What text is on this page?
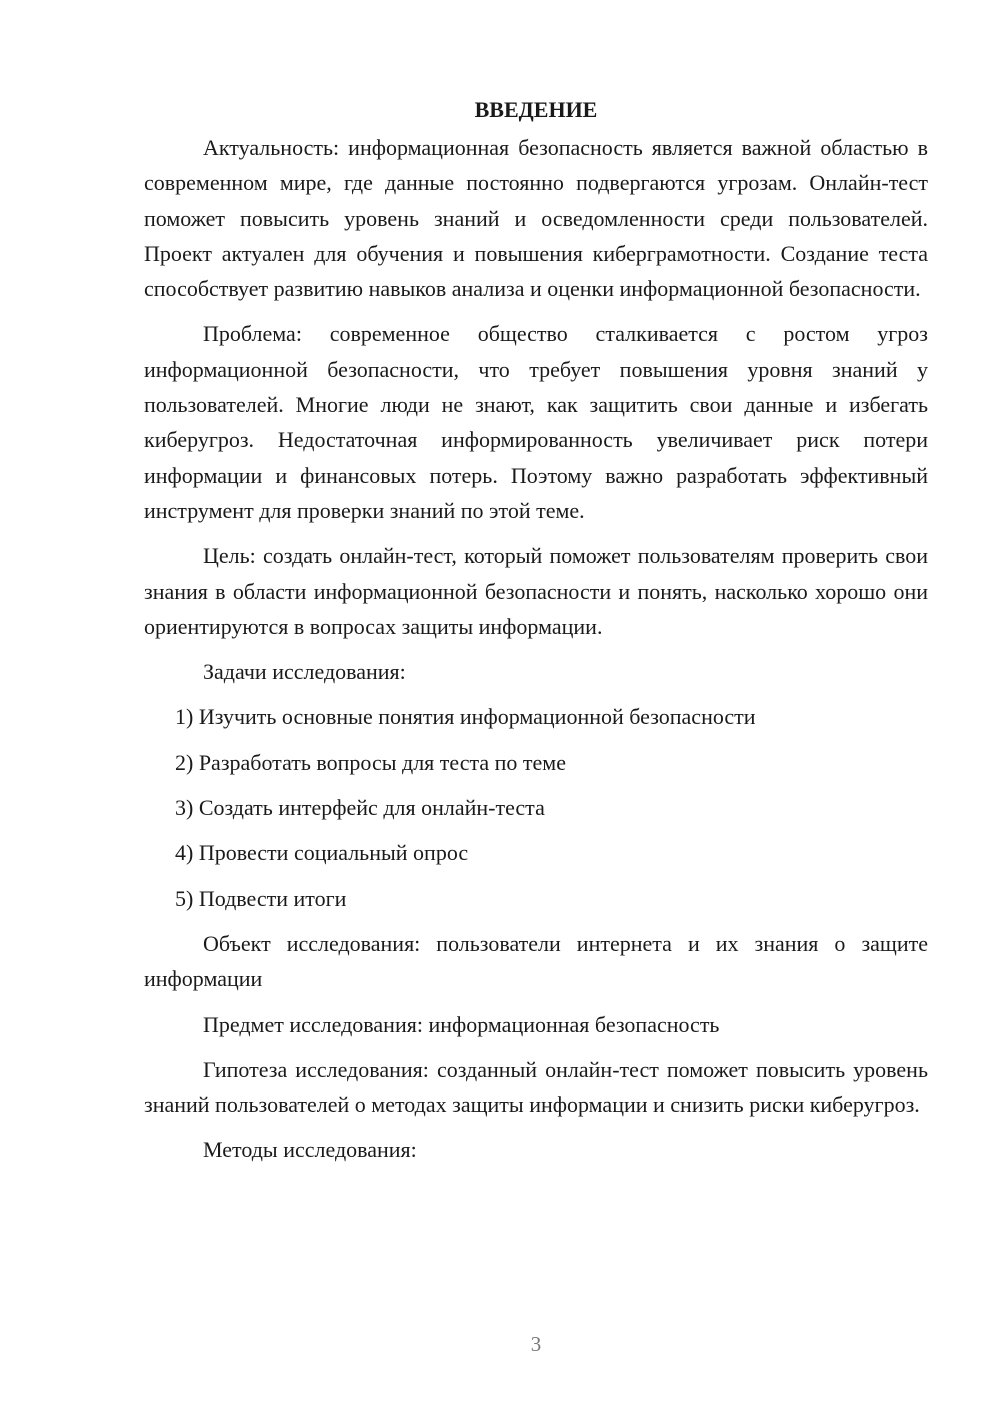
ВВЕДЕНИЕ

Актуальность: информационная безопасность является важной областью в современном мире, где данные постоянно подвергаются угрозам. Онлайн-тест поможет повысить уровень знаний и осведомленности среди пользователей. Проект актуален для обучения и повышения киберграмотности. Создание теста способствует развитию навыков анализа и оценки информационной безопасности.

Проблема: современное общество сталкивается с ростом угроз информационной безопасности, что требует повышения уровня знаний у пользователей. Многие люди не знают, как защитить свои данные и избегать киберугроз. Недостаточная информированность увеличивает риск потери информации и финансовых потерь. Поэтому важно разработать эффективный инструмент для проверки знаний по этой теме.

Цель: создать онлайн-тест, который поможет пользователям проверить свои знания в области информационной безопасности и понять, насколько хорошо они ориентируются в вопросах защиты информации.

Задачи исследования:

1) Изучить основные понятия информационной безопасности
2) Разработать вопросы для теста по теме
3) Создать интерфейс для онлайн-теста
4) Провести социальный опрос
5) Подвести итоги

Объект исследования: пользователи интернета и их знания о защите информации

Предмет исследования: информационная безопасность

Гипотеза исследования: созданный онлайн-тест поможет повысить уровень знаний пользователей о методах защиты информации и снизить риски киберугроз.

Методы исследования:

3
